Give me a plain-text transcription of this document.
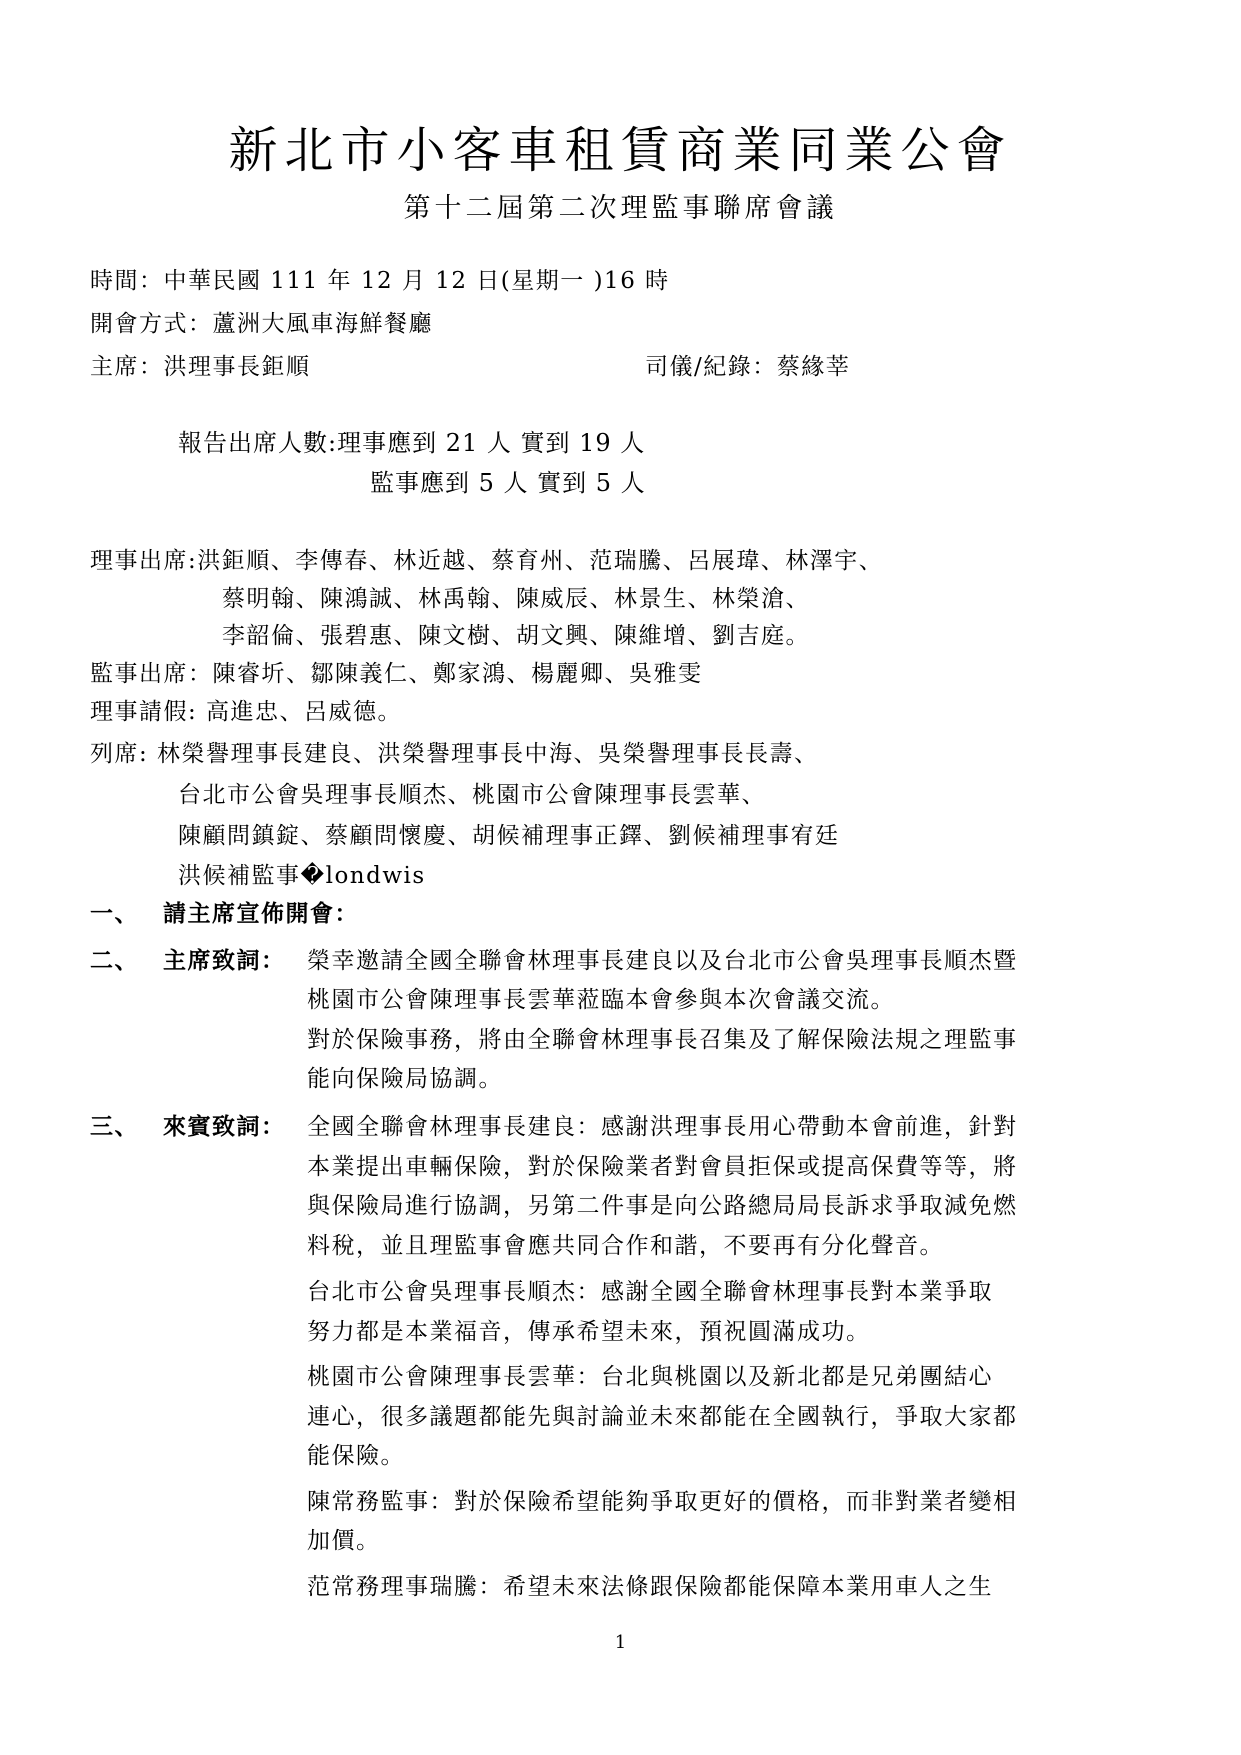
新北市小客車租賃商業同業公會
第十二屆第二次理監事聯席會議
時間：中華民國 111 年 12 月 12 日(星期一 )16 時
開會方式：蘆洲大風車海鮮餐廳
主席：洪理事長鉅順	司儀/紀錄：蔡緣莘
報告出席人數:理事應到 21 人 實到 19 人
監事應到 5 人 實到 5 人
理事出席:洪鉅順、李傳春、林近越、蔡育州、范瑞騰、呂展瑋、林澤宇、
蔡明翰、陳鴻誠、林禹翰、陳威辰、林景生、林榮滄、
李韶倫、張碧惠、陳文樹、胡文興、陳維增、劉吉庭。
監事出席：陳睿圻、鄒陳義仁、鄭家鴻、楊麗卿、吳雅雯
理事請假: 高進忠、呂威德。
列席: 林榮譽理事長建良、洪榮譽理事長中海、吳榮譽理事長長壽、
台北市公會吳理事長順杰、桃園市公會陳理事長雲華、
陳顧問鎮錠、蔡顧問懷慶、胡候補理事正鐸、劉候補理事宥廷
洪候補監事�londwis
一、 請主席宣佈開會：
二、 主席致詞： 榮幸邀請全國全聯會林理事長建良以及台北市公會吳理事長順杰暨
桃園市公會陳理事長雲華蒞臨本會參與本次會議交流。
對於保險事務，將由全聯會林理事長召集及了解保險法規之理監事
能向保險局協調。
三、 來賓致詞： 全國全聯會林理事長建良：感謝洪理事長用心帶動本會前進，針對
本業提出車輛保險，對於保險業者對會員拒保或提高保費等等，將
與保險局進行協調，另第二件事是向公路總局局長訴求爭取減免燃
料稅，並且理監事會應共同合作和諧，不要再有分化聲音。
台北市公會吳理事長順杰：感謝全國全聯會林理事長對本業爭取
努力都是本業福音，傳承希望未來，預祝圓滿成功。
桃園市公會陳理事長雲華：台北與桃園以及新北都是兄弟團結心
連心，很多議題都能先與討論並未來都能在全國執行，爭取大家都
能保險。
陳常務監事：對於保險希望能夠爭取更好的價格，而非對業者變相
加價。
范常務理事瑞騰：希望未來法條跟保險都能保障本業用車人之生
1
